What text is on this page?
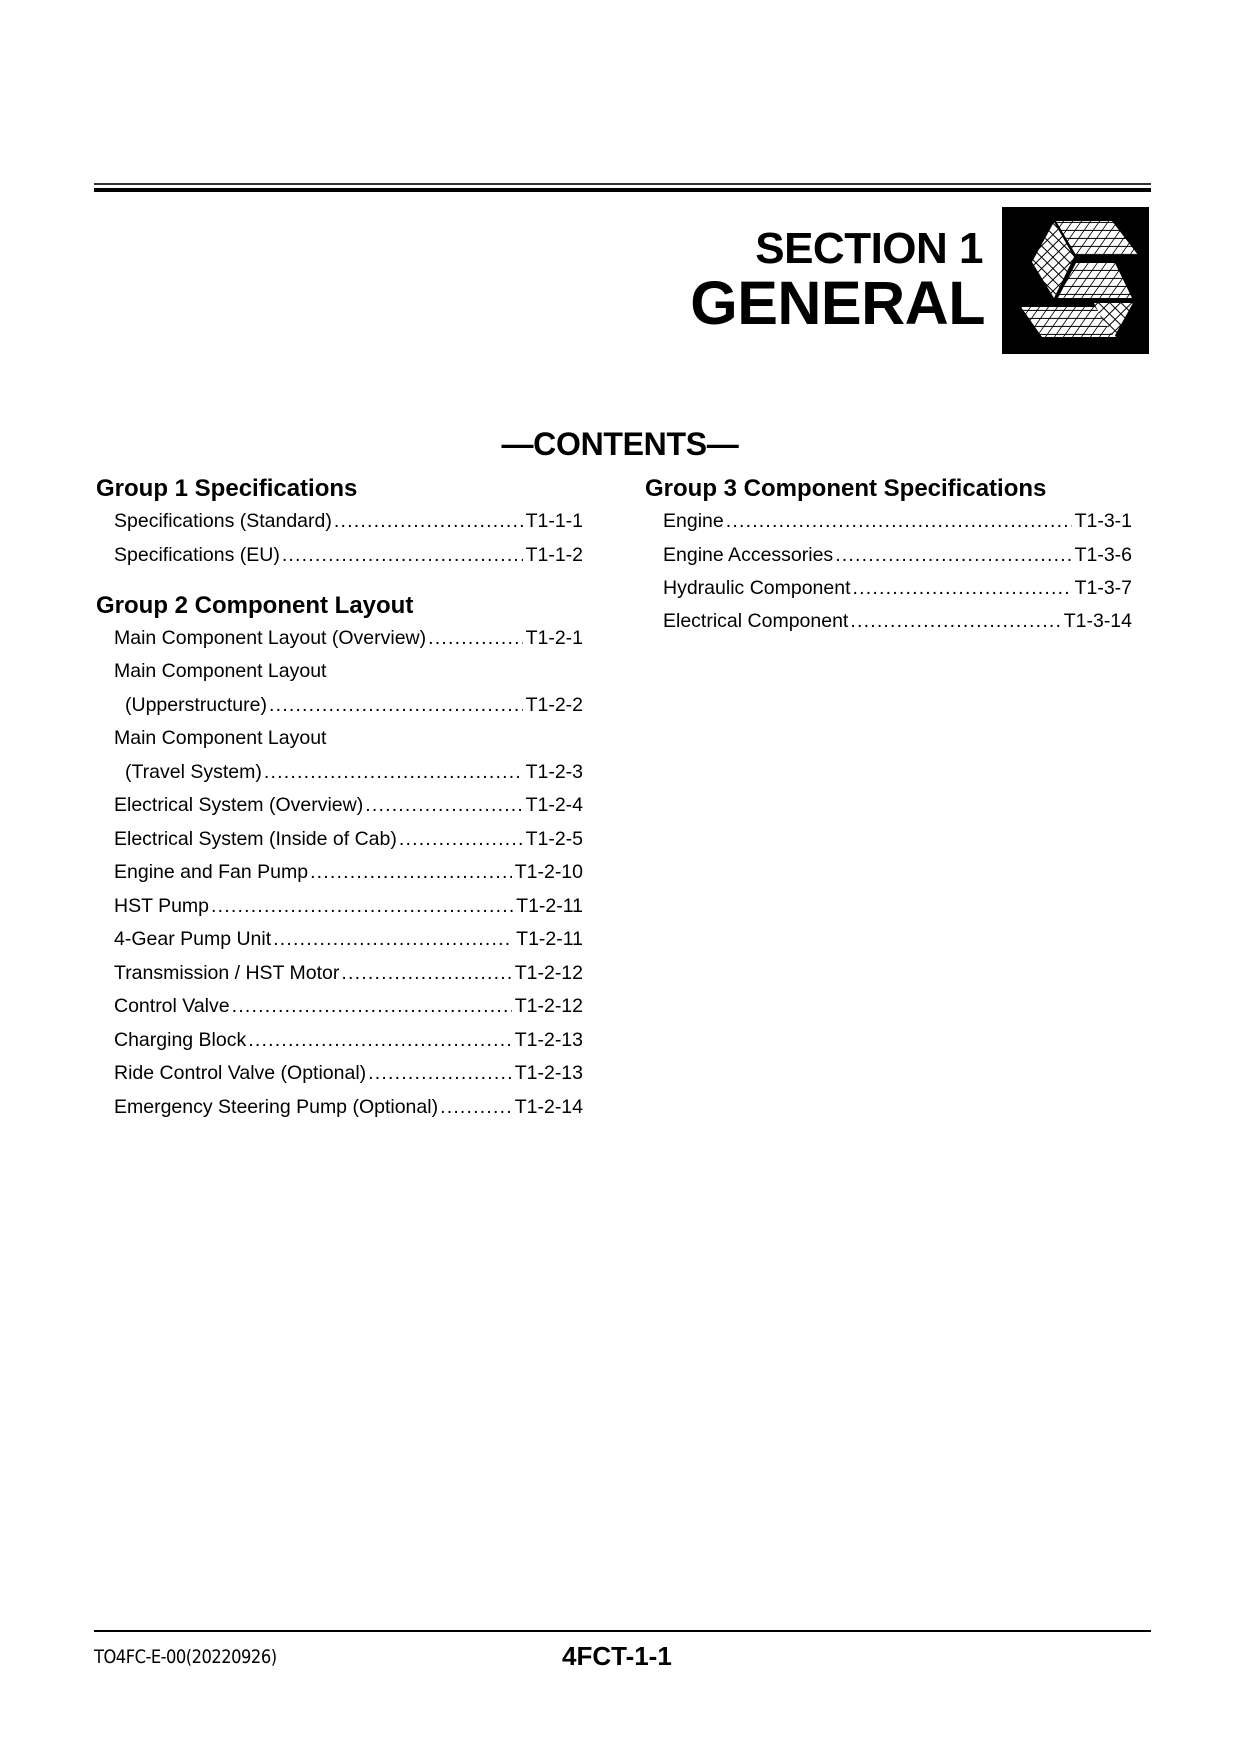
SECTION 1
GENERAL
—CONTENTS—
Group 1 Specifications
Specifications (Standard) .....	T1-1-1
Specifications (EU) .....	T1-1-2
Group 2 Component Layout
Main Component Layout (Overview) .....	T1-2-1
Main Component Layout
(Upperstructure) .....	T1-2-2
Main Component Layout
(Travel System) .....	T1-2-3
Electrical System (Overview) .....	T1-2-4
Electrical System (Inside of Cab) .....	T1-2-5
Engine and Fan Pump .....	T1-2-10
HST Pump .....	T1-2-11
4-Gear Pump Unit .....	T1-2-11
Transmission / HST Motor .....	T1-2-12
Control Valve .....	T1-2-12
Charging Block .....	T1-2-13
Ride Control Valve (Optional) .....	T1-2-13
Emergency Steering Pump (Optional) .....	T1-2-14
Group 3 Component Specifications
Engine .....	T1-3-1
Engine Accessories .....	T1-3-6
Hydraulic Component .....	T1-3-7
Electrical Component .....	T1-3-14
TO4FC-E-00(20220926)	4FCT-1-1
